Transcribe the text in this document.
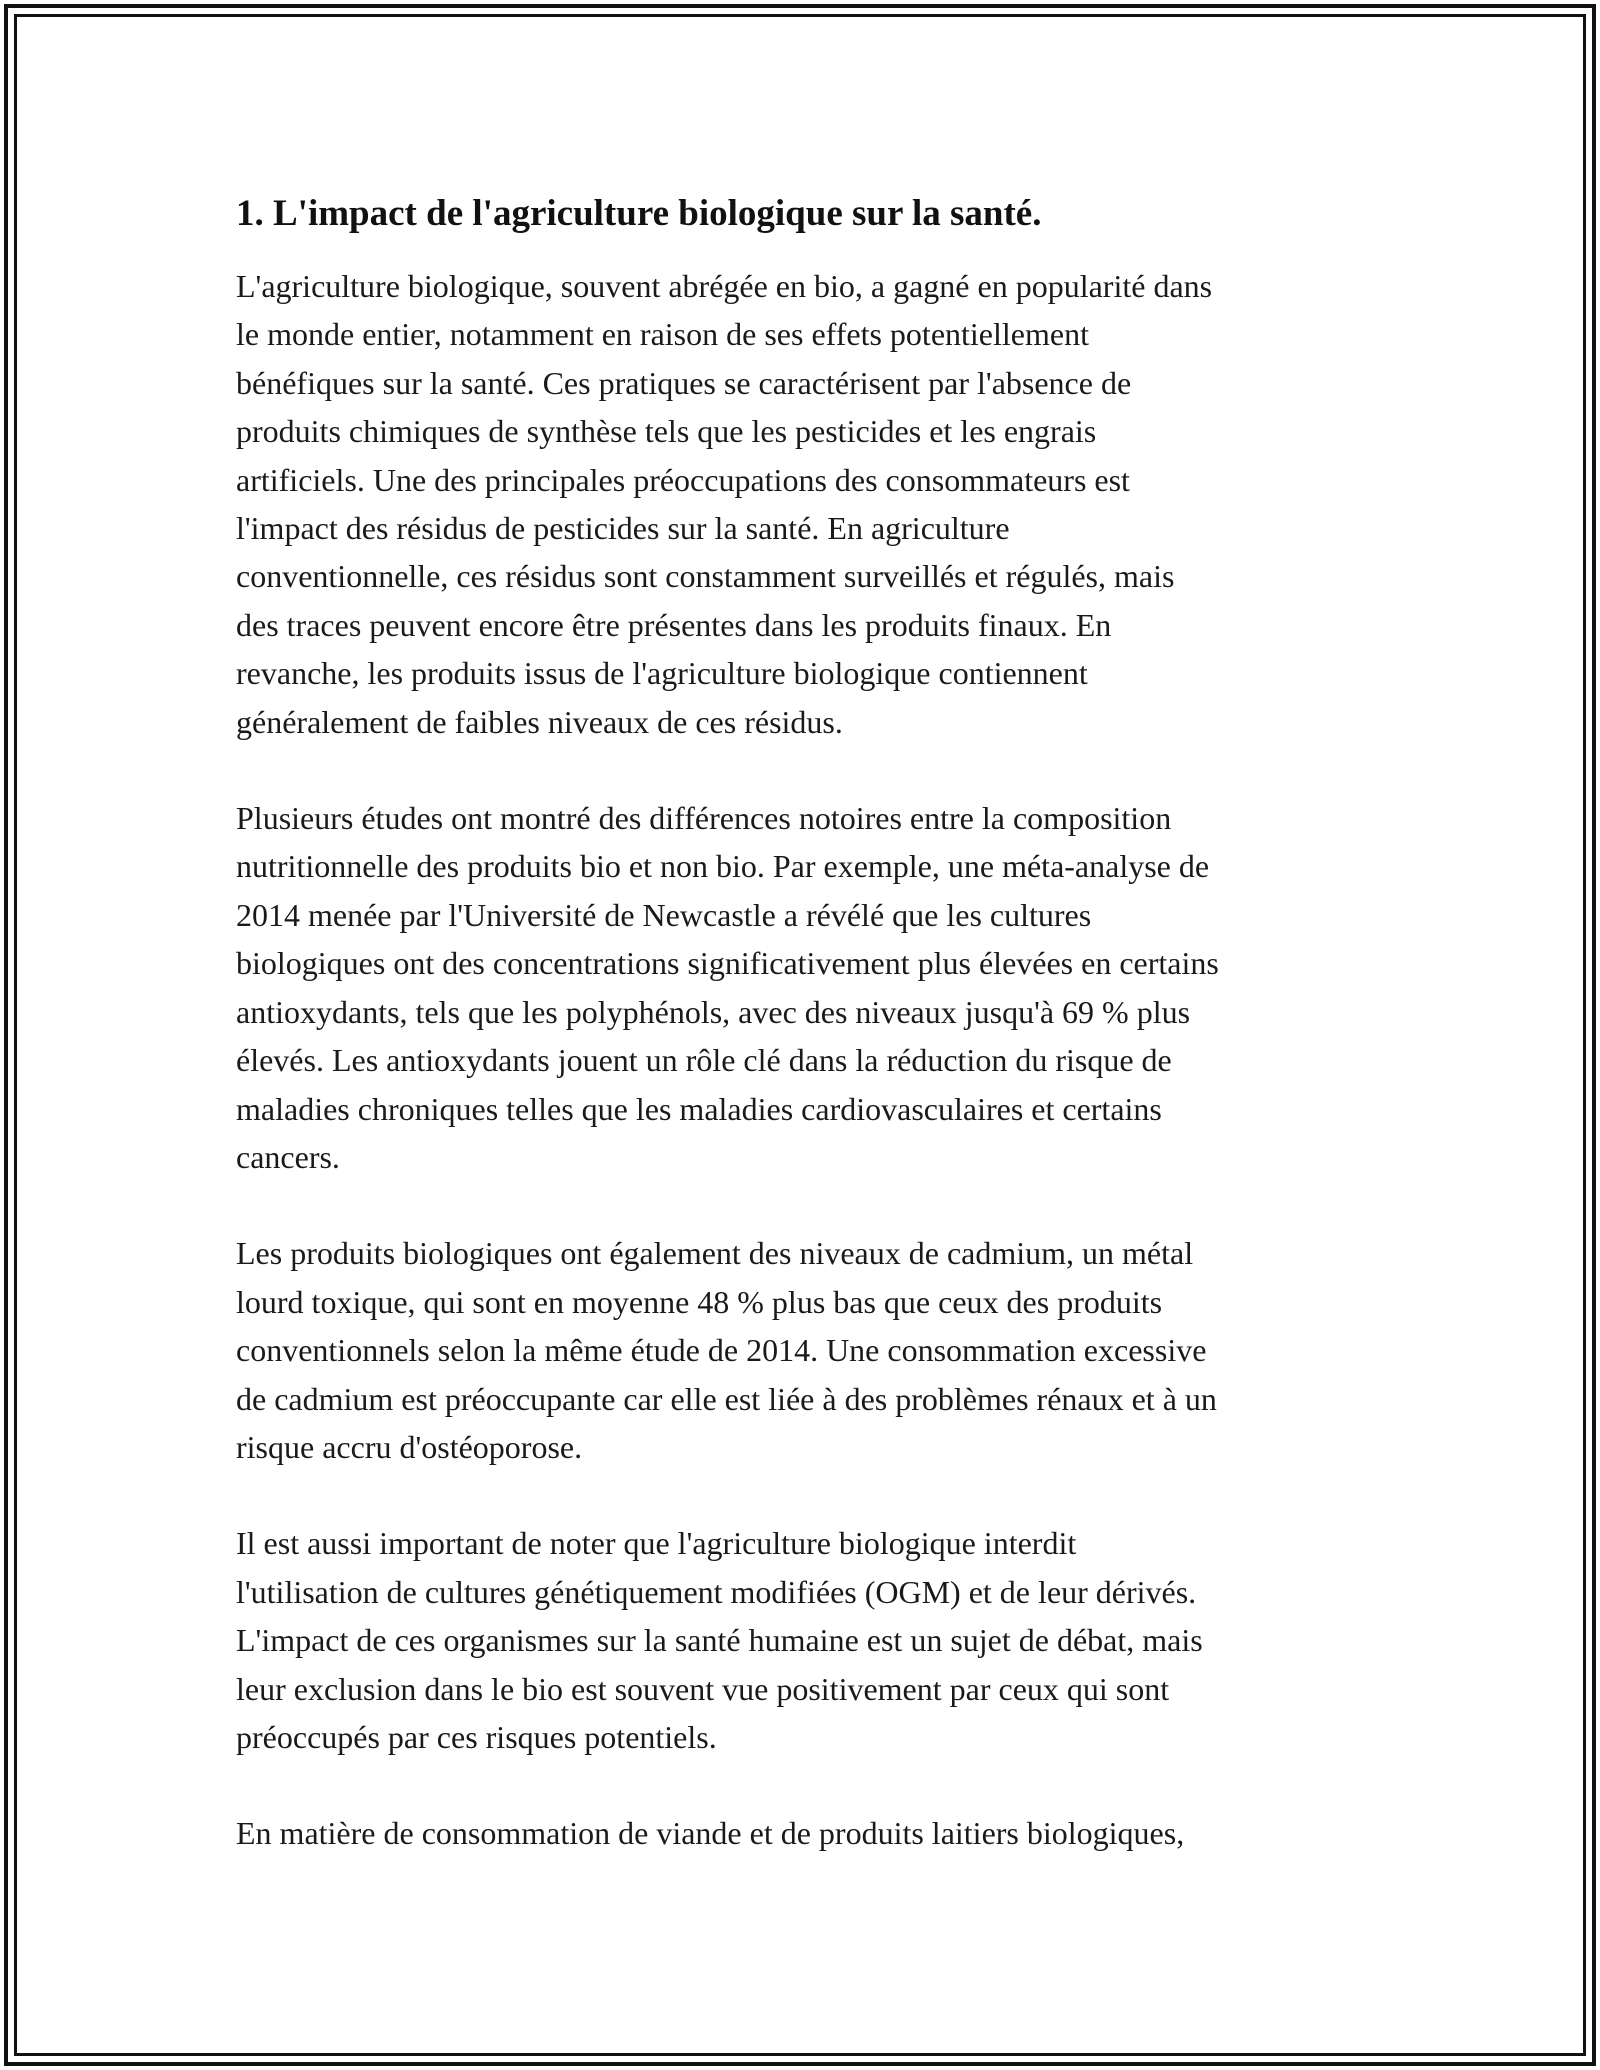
1. L'impact de l'agriculture biologique sur la santé.

L'agriculture biologique, souvent abrégée en bio, a gagné en popularité dans
le monde entier, notamment en raison de ses effets potentiellement
bénéfiques sur la santé. Ces pratiques se caractérisent par l'absence de
produits chimiques de synthèse tels que les pesticides et les engrais
artificiels. Une des principales préoccupations des consommateurs est
l'impact des résidus de pesticides sur la santé. En agriculture
conventionnelle, ces résidus sont constamment surveillés et régulés, mais
des traces peuvent encore être présentes dans les produits finaux. En
revanche, les produits issus de l'agriculture biologique contiennent
généralement de faibles niveaux de ces résidus.

Plusieurs études ont montré des différences notoires entre la composition
nutritionnelle des produits bio et non bio. Par exemple, une méta-analyse de
2014 menée par l'Université de Newcastle a révélé que les cultures
biologiques ont des concentrations significativement plus élevées en certains
antioxydants, tels que les polyphénols, avec des niveaux jusqu'à 69 % plus
élevés. Les antioxydants jouent un rôle clé dans la réduction du risque de
maladies chroniques telles que les maladies cardiovasculaires et certains
cancers.

Les produits biologiques ont également des niveaux de cadmium, un métal
lourd toxique, qui sont en moyenne 48 % plus bas que ceux des produits
conventionnels selon la même étude de 2014. Une consommation excessive
de cadmium est préoccupante car elle est liée à des problèmes rénaux et à un
risque accru d'ostéoporose.

Il est aussi important de noter que l'agriculture biologique interdit
l'utilisation de cultures génétiquement modifiées (OGM) et de leur dérivés.
L'impact de ces organismes sur la santé humaine est un sujet de débat, mais
leur exclusion dans le bio est souvent vue positivement par ceux qui sont
préoccupés par ces risques potentiels.

En matière de consommation de viande et de produits laitiers biologiques,
